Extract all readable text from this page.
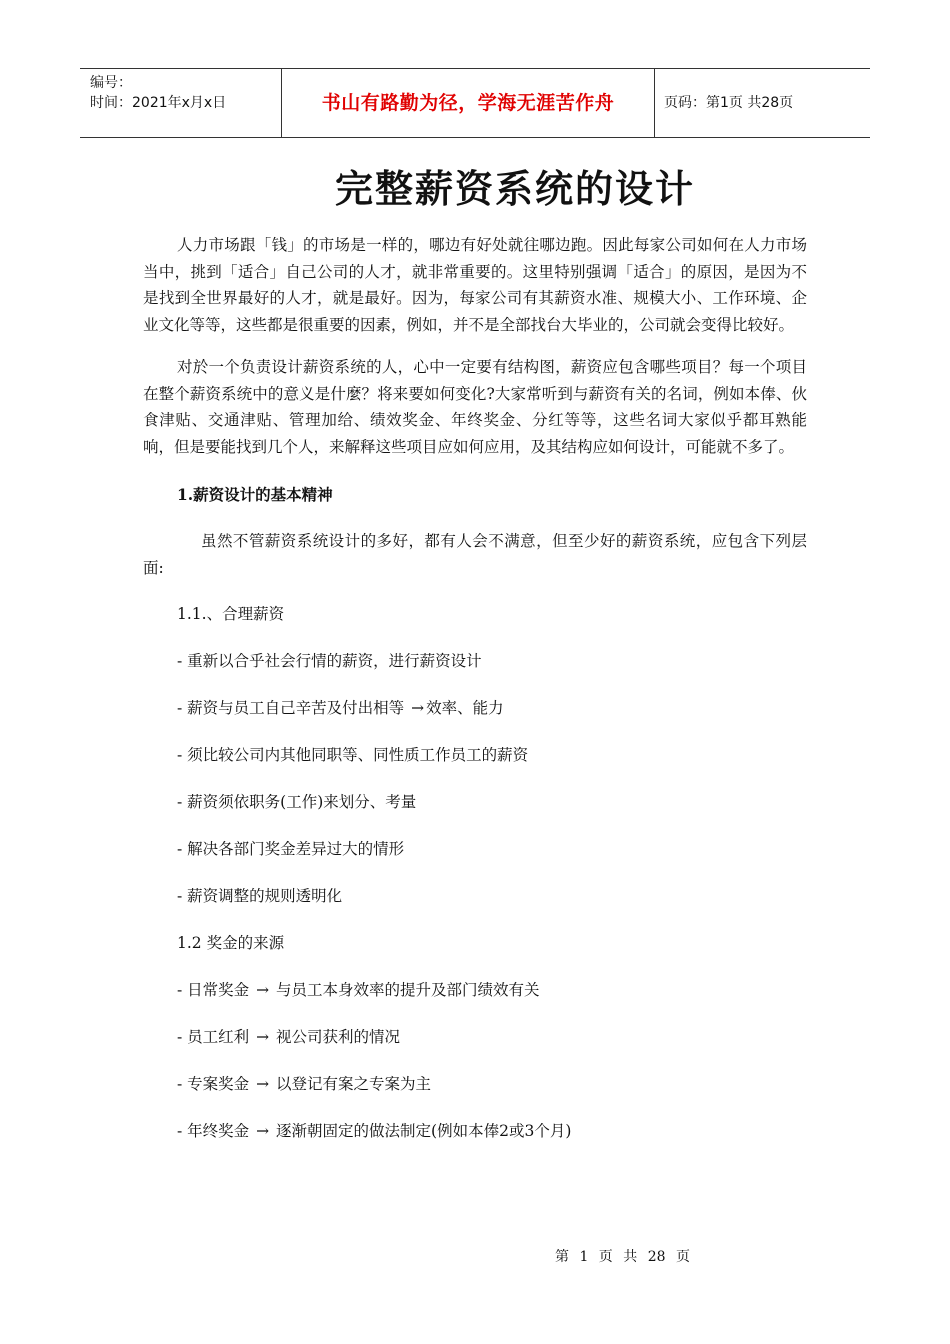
编号：
时间：2021年x月x日	书山有路勤为径，学海无涯苦作舟	页码：第1页 共28页
完整薪资系统的设计

人力市场跟「钱」的市场是一样的，哪边有好处就往哪边跑。因此每家公司如何在人力市场当中，挑到「适合」自己公司的人才，就非常重要的。这里特别强调「适合」的原因，是因为不是找到全世界最好的人才，就是最好。因为，每家公司有其薪资水准、规模大小、工作环境、企业文化等等，这些都是很重要的因素，例如，并不是全部找台大毕业的，公司就会变得比较好。

对於一个负责设计薪资系统的人，心中一定要有结构图，薪资应包含哪些项目？每一个项目在整个薪资系统中的意义是什麼？将来要如何变化?大家常听到与薪资有关的名词，例如本俸、伙食津贴、交通津贴、管理加给、绩效奖金、年终奖金、分红等等，这些名词大家似乎都耳熟能响，但是要能找到几个人，来解释这些项目应如何应用，及其结构应如何设计，可能就不多了。

1.薪资设计的基本精神

虽然不管薪资系统设计的多好，都有人会不满意，但至少好的薪资系统，应包含下列层面:

1.1.、合理薪资
- 重新以合乎社会行情的薪资，进行薪资设计
- 薪资与员工自己辛苦及付出相等 → 效率、能力
- 须比较公司内其他同职等、同性质工作员工的薪资
- 薪资须依职务(工作)来划分、考量
- 解决各部门奖金差异过大的情形
- 薪资调整的规则透明化
1.2 奖金的来源
- 日常奖金 → 与员工本身效率的提升及部门绩效有关
- 员工红利 → 视公司获利的情况
- 专案奖金 → 以登记有案之专案为主
- 年终奖金 → 逐渐朝固定的做法制定(例如本俸2或3个月)
第 1 页 共 28 页
